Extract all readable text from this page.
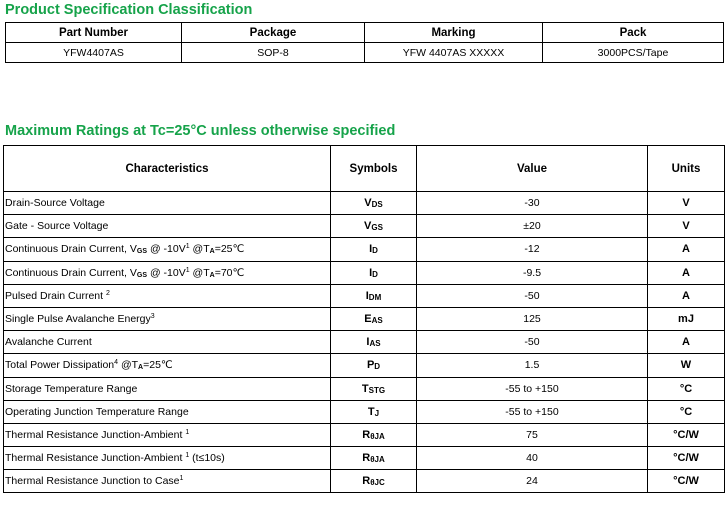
Product Specification Classification
Part Number	Package	Marking	Pack
YFW4407AS	SOP-8	YFW 4407AS XXXXX	3000PCS/Tape
Maximum Ratings at Tc=25°C unless otherwise specified
Characteristics	Symbols	Value	Units
Drain-Source Voltage	$V_{DS}$	-30	V
Gate - Source Voltage	$V_{GS}$	±20	V
Continuous Drain Current, $V_{GS}$ @ $-10V^1$ $@T_A=25℃$	$I_D$	-12	A
Continuous Drain Current, $V_{GS}$ @ $-10V^1$ $@T_A=70℃$	$I_D$	-9.5	A
Pulsed Drain Current $^2$	$I_{DM}$	-50	A
Single Pulse Avalanche Energy$^3$	$E_{AS}$	125	mJ
Avalanche Current	$I_{AS}$	-50	A
Total Power Dissipation$^4$ $@T_A=25℃$	$P_D$	1.5	W
Storage Temperature Range	$T_{STG}$	-55 to +150	°C
Operating Junction Temperature Range	$T_J$	-55 to +150	°C
Thermal Resistance Junction-Ambient $^1$	$R_{\theta JA}$	75	°C/W
Thermal Resistance Junction-Ambient $^1$ (t≤10s)	$R_{\theta JA}$	40	°C/W
Thermal Resistance Junction to Case$^1$	$R_{\theta JC}$	24	°C/W
